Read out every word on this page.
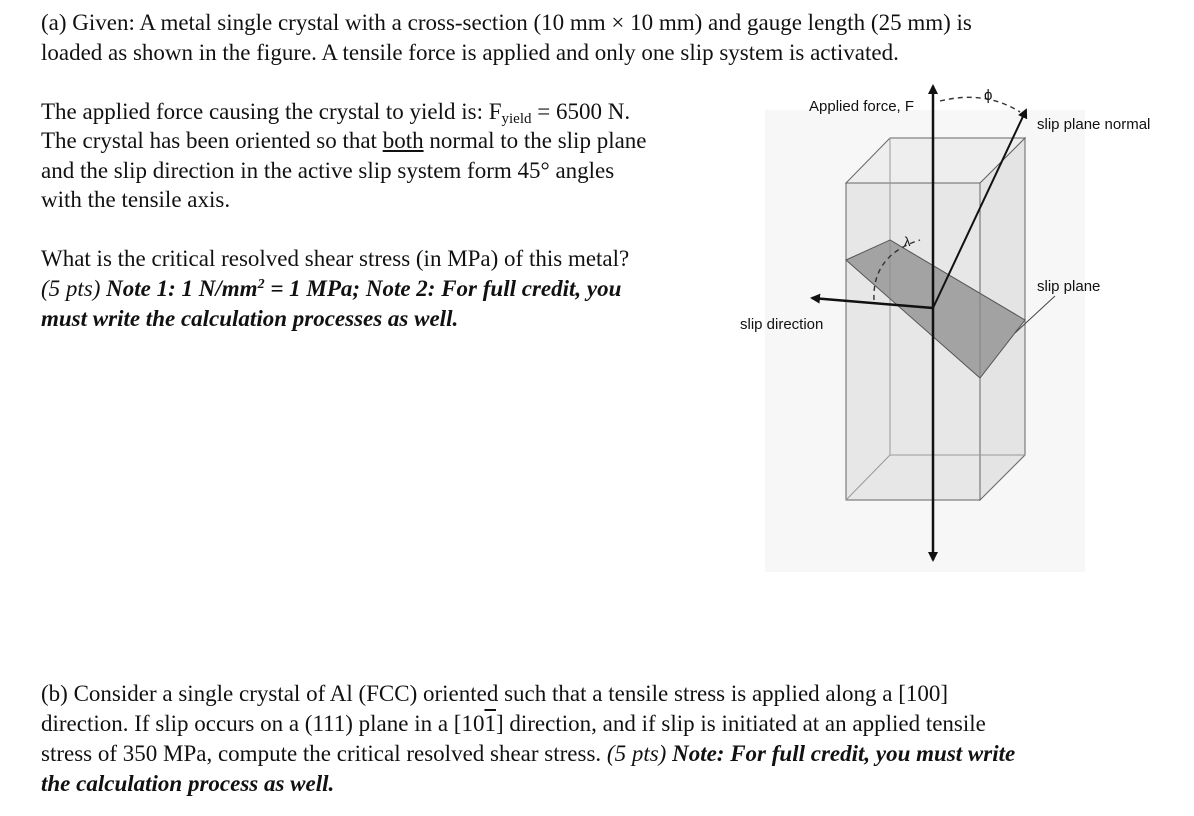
(a) Given: A metal single crystal with a cross-section (10 mm × 10 mm) and gauge length (25 mm) is

loaded as shown in the figure. A tensile force is applied and only one slip system is activated.

The applied force causing the crystal to yield is: $F_{yield} = 6500$ N.

The crystal has been oriented so that both normal to the slip plane

and the slip direction in the active slip system form 45° angles

with the tensile axis.

What is the critical resolved shear stress (in MPa) of this metal?

(5 pts) Note 1: 1 $N/mm^2 = 1$ MPa; Note 2: For full credit, you

must write the calculation processes as well.

ϕ
λ
Applied force, F
slip plane normal
slip plane
slip direction

(b) Consider a single crystal of Al (FCC) oriented such that a tensile stress is applied along a [100]

direction. If slip occurs on a (111) plane in a [101] direction, and if slip is initiated at an applied tensile

stress of 350 MPa, compute the critical resolved shear stress. (5 pts) Note: For full credit, you must write

the calculation process as well.
